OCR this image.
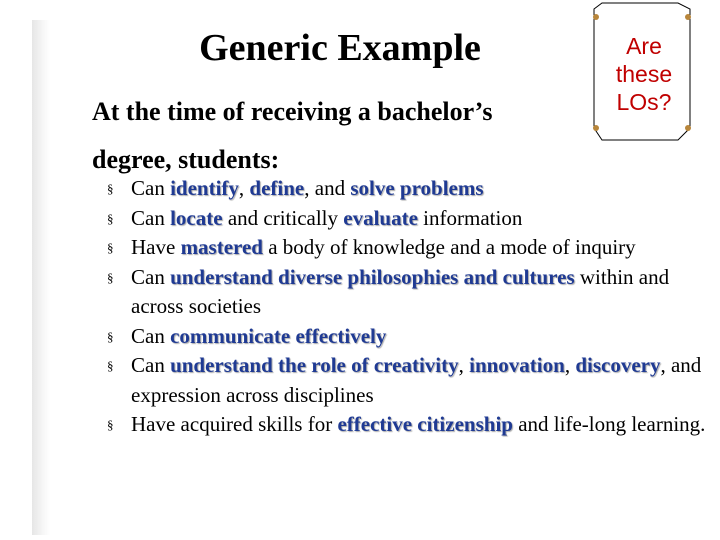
Generic Example
At the time of receiving a bachelor’s
degree, students:
Are
these
LOs?
§ Can identify, define, and solve problems
§ Can locate and critically evaluate information
§ Have mastered a body of knowledge and a mode of inquiry
§ Can understand diverse philosophies and cultures within and across societies
§ Can communicate effectively
§ Can understand the role of creativity, innovation, discovery, and expression across disciplines
§ Have acquired skills for effective citizenship and life-long learning.
